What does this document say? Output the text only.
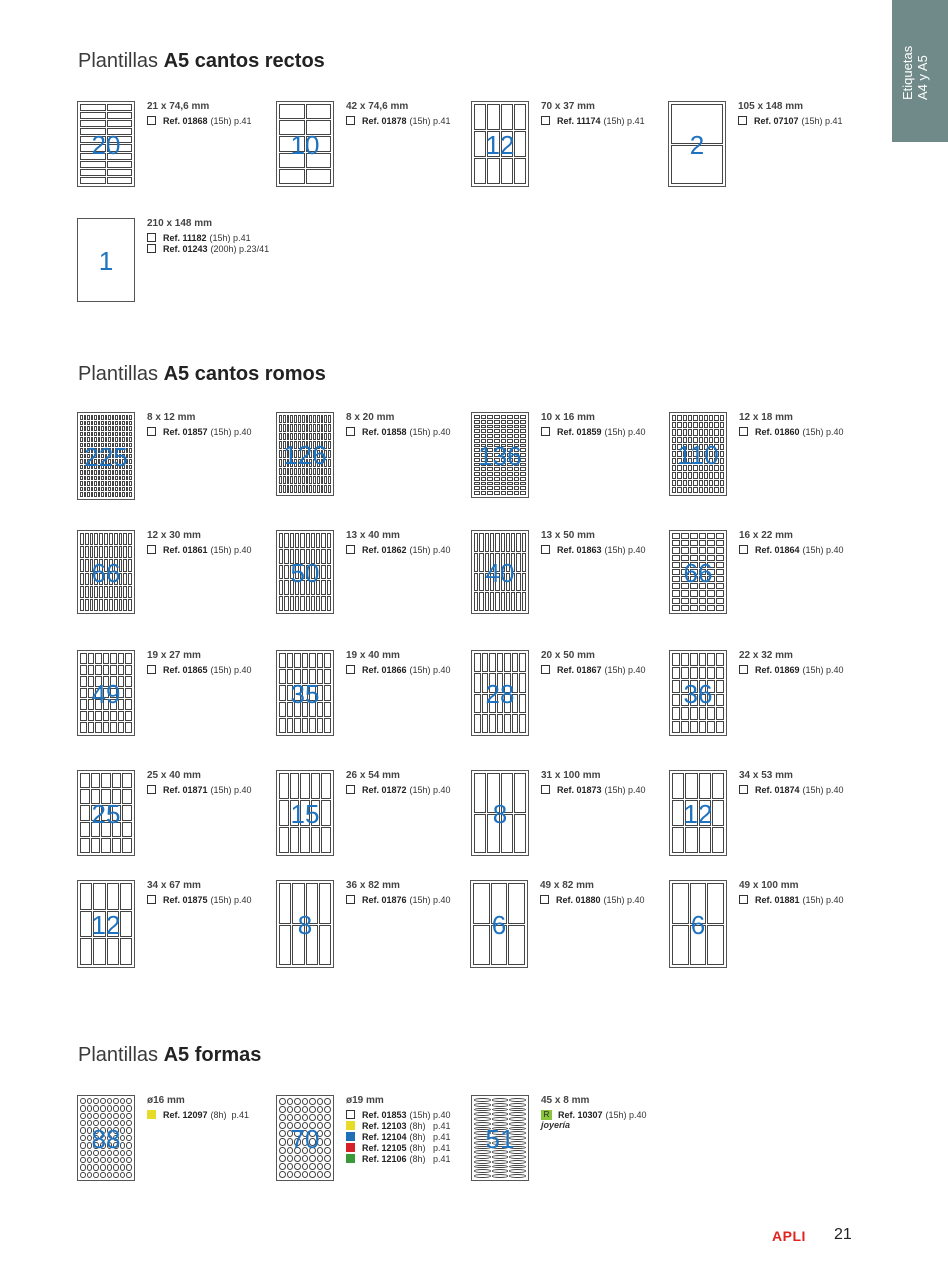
Etiquetas
A4 y A5
Plantillas A5 cantos rectos
Plantillas A5 cantos romos
Plantillas A5 formas
20
21 x 74,6 mm
Ref. 01868 (15h) p.41
10
42 x 74,6 mm
Ref. 01878 (15h) p.41
12
70 x 37 mm
Ref. 11174 (15h) p.41
2
105 x 148 mm
Ref. 07107 (15h) p.41
1
210 x 148 mm
Ref. 11182 (15h) p.41
Ref. 01243 (200h) p.23/41
225
8 x 12 mm
Ref. 01857 (15h) p.40
126
8 x 20 mm
Ref. 01858 (15h) p.40
136
10 x 16 mm
Ref. 01859 (15h) p.40
110
12 x 18 mm
Ref. 01860 (15h) p.40
66
12 x 30 mm
Ref. 01861 (15h) p.40
50
13 x 40 mm
Ref. 01862 (15h) p.40
40
13 x 50 mm
Ref. 01863 (15h) p.40
66
16 x 22 mm
Ref. 01864 (15h) p.40
49
19 x 27 mm
Ref. 01865 (15h) p.40
35
19 x 40 mm
Ref. 01866 (15h) p.40
28
20 x 50 mm
Ref. 01867 (15h) p.40
36
22 x 32 mm
Ref. 01869 (15h) p.40
25
25 x 40 mm
Ref. 01871 (15h) p.40
15
26 x 54 mm
Ref. 01872 (15h) p.40
8
31 x 100 mm
Ref. 01873 (15h) p.40
12
34 x 53 mm
Ref. 01874 (15h) p.40
12
34 x 67 mm
Ref. 01875 (15h) p.40
8
36 x 82 mm
Ref. 01876 (15h) p.40
6
49 x 82 mm
Ref. 01880 (15h) p.40
6
49 x 100 mm
Ref. 01881 (15h) p.40
88
ø16 mm
Ref. 12097 (8h)  p.41
70
ø19 mm
Ref. 01853 (15h) p.40
Ref. 12103 (8h)   p.41
Ref. 12104 (8h)   p.41
Ref. 12105 (8h)   p.41
Ref. 12106 (8h)   p.41
51
45 x 8 mm
R Ref. 10307 (15h) p.40
joyería
APLI 21
